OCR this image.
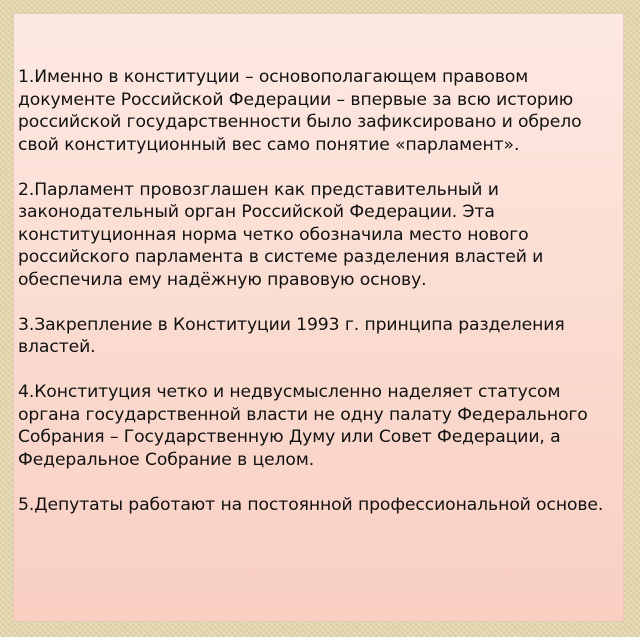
1.Именно в конституции – основополагающем правовом документе Российской Федерации – впервые за всю историю российской государственности было зафиксировано и обрело свой конституционный вес само понятие «парламент».

2.Парламент провозглашен как представительный и законодательный орган Российской Федерации. Эта конституционная норма четко обозначила место нового российского парламента в системе разделения властей и обеспечила ему надёжную правовую основу.

3.Закрепление в Конституции 1993 г. принципа разделения властей.

4.Конституция четко и недвусмысленно наделяет статусом органа государственной власти не одну палату Федерального Собрания – Государственную Думу или Совет Федерации, а Федеральное Собрание в целом.

5.Депутаты работают на постоянной профессиональной основе.
